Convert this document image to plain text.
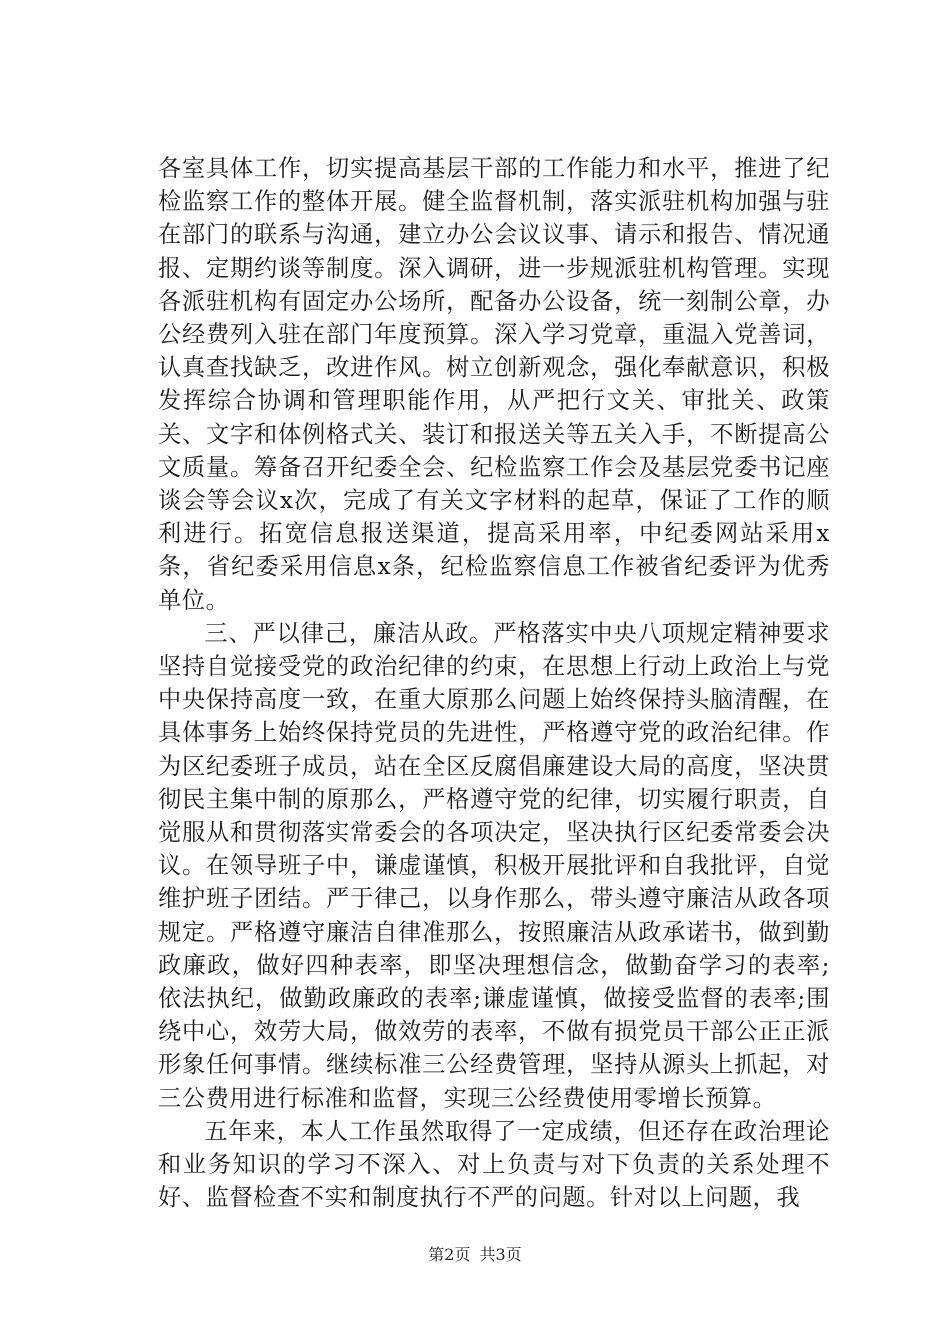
各室具体工作，切实提高基层干部的工作能力和水平，推进了纪检监察工作的整体开展。健全监督机制，落实派驻机构加强与驻在部门的联系与沟通，建立办公会议议事、请示和报告、情况通报、定期约谈等制度。深入调研，进一步规派驻机构管理。实现各派驻机构有固定办公场所，配备办公设备，统一刻制公章，办公经费列入驻在部门年度预算。深入学习党章，重温入党善词，认真查找缺乏，改进作风。树立创新观念，强化奉献意识，积极发挥综合协调和管理职能作用，从严把行文关、审批关、政策关、文字和体例格式关、装订和报送关等五关入手，不断提高公文质量。筹备召开纪委全会、纪检监察工作会及基层党委书记座谈会等会议x次，完成了有关文字材料的起草，保证了工作的顺利进行。拓宽信息报送渠道，提高采用率，中纪委网站采用x条，省纪委采用信息x条，纪检监察信息工作被省纪委评为优秀单位。

三、严以律己，廉洁从政。严格落实中央八项规定精神要求坚持自觉接受党的政治纪律的约束，在思想上行动上政治上与党中央保持高度一致，在重大原那么问题上始终保持头脑清醒，在具体事务上始终保持党员的先进性，严格遵守党的政治纪律。作为区纪委班子成员，站在全区反腐倡廉建设大局的高度，坚决贯彻民主集中制的原那么，严格遵守党的纪律，切实履行职责，自觉服从和贯彻落实常委会的各项决定，坚决执行区纪委常委会决议。在领导班子中，谦虚谨慎，积极开展批评和自我批评，自觉维护班子团结。严于律己，以身作那么，带头遵守廉洁从政各项规定。严格遵守廉洁自律准那么，按照廉洁从政承诺书，做到勤政廉政，做好四种表率，即坚决理想信念，做勤奋学习的表率;依法执纪，做勤政廉政的表率;谦虚谨慎，做接受监督的表率;围绕中心，效劳大局，做效劳的表率，不做有损党员干部公正正派形象任何事情。继续标准三公经费管理，坚持从源头上抓起，对三公费用进行标准和监督，实现三公经费使用零增长预算。

五年来，本人工作虽然取得了一定成绩，但还存在政治理论和业务知识的学习不深入、对上负责与对下负责的关系处理不好、监督检查不实和制度执行不严的问题。针对以上问题，我

第2页 共3页
